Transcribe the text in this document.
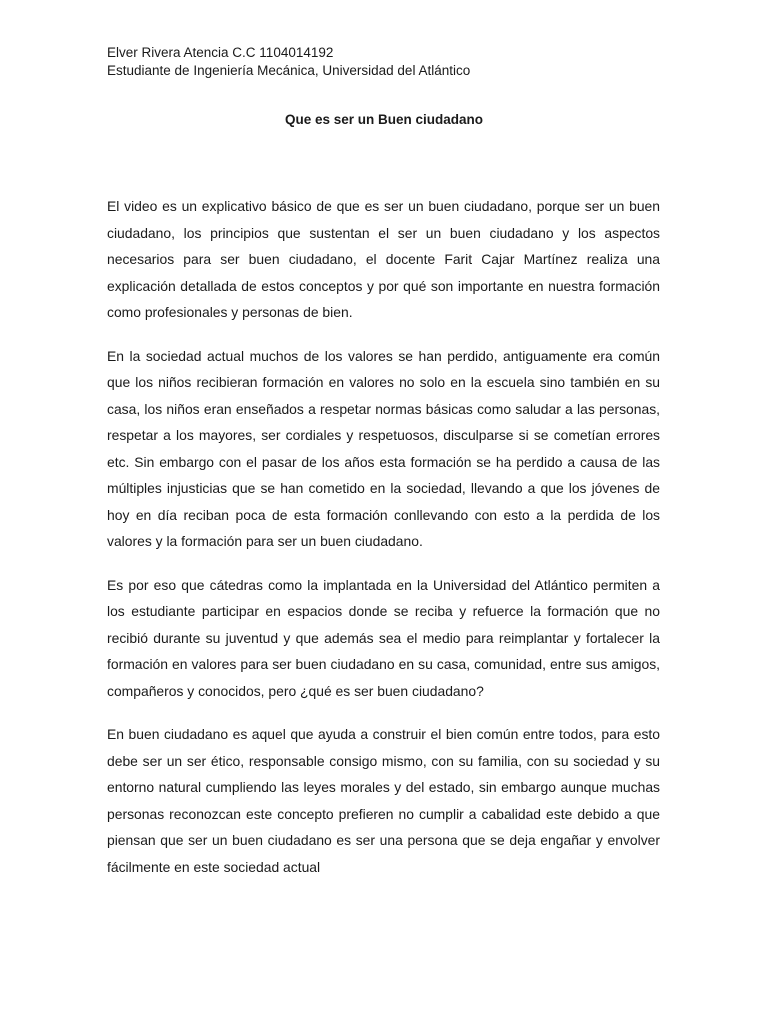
Elver Rivera Atencia C.C 1104014192
Estudiante de Ingeniería Mecánica, Universidad del Atlántico
Que es ser un Buen ciudadano

El video es un explicativo básico de que es ser un buen ciudadano, porque ser un buen ciudadano, los principios que sustentan el ser un buen ciudadano y los aspectos necesarios para ser buen ciudadano, el docente Farit Cajar Martínez realiza una explicación detallada de estos conceptos y por qué son importante en nuestra formación como profesionales y personas de bien.

En la sociedad actual muchos de los valores se han perdido, antiguamente era común que los niños recibieran formación en valores no solo en la escuela sino también en su casa, los niños eran enseñados a respetar normas básicas como saludar a las personas, respetar a los mayores, ser cordiales y respetuosos, disculparse si se cometían errores etc. Sin embargo con el pasar de los años esta formación se ha perdido a causa de las múltiples injusticias que se han cometido en la sociedad, llevando a que los jóvenes de hoy en día reciban poca de esta formación conllevando con esto a la perdida de los valores y la formación para ser un buen ciudadano.

Es por eso que cátedras como la implantada en la Universidad del Atlántico permiten a los estudiante participar en espacios donde se reciba y refuerce la formación que no recibió durante su juventud y que además sea el medio para reimplantar y fortalecer la formación en valores para ser buen ciudadano en su casa, comunidad, entre sus amigos, compañeros y conocidos, pero ¿qué es ser buen ciudadano?

En buen ciudadano es aquel que ayuda a construir el bien común entre todos, para esto debe ser un ser ético, responsable consigo mismo, con su familia, con su sociedad y su entorno natural cumpliendo las leyes morales y del estado, sin embargo aunque muchas personas reconozcan este concepto prefieren no cumplir a cabalidad este debido a que piensan que ser un buen ciudadano es ser una persona que se deja engañar y envolver fácilmente en este sociedad actual
